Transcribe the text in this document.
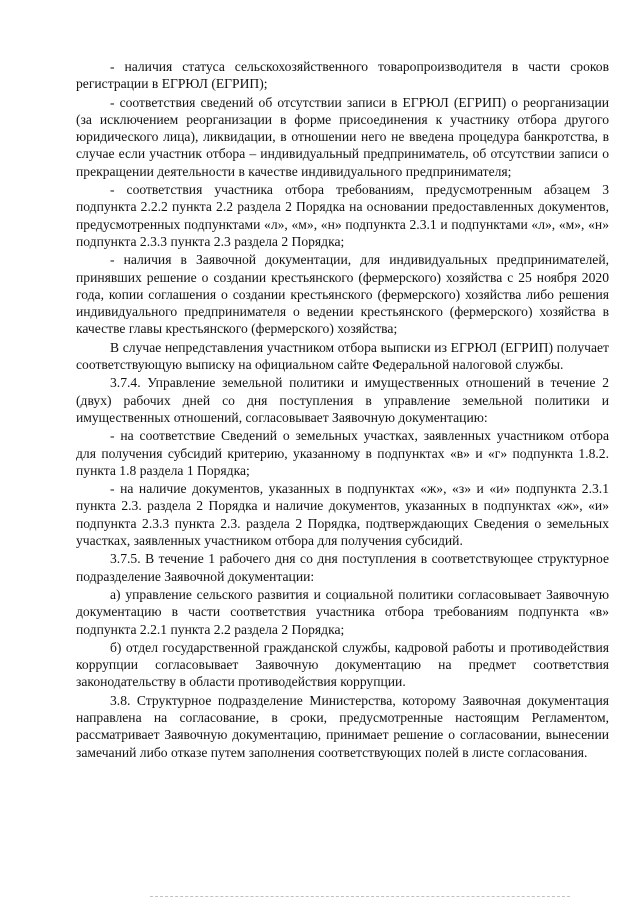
- наличия статуса сельскохозяйственного товаропроизводителя в части сроков регистрации в ЕГРЮЛ (ЕГРИП);

- соответствия сведений об отсутствии записи в ЕГРЮЛ (ЕГРИП) о реорганизации (за исключением реорганизации в форме присоединения к участнику отбора другого юридического лица), ликвидации, в отношении него не введена процедура банкротства, в случае если участник отбора – индивидуальный предприниматель, об отсутствии записи о прекращении деятельности в качестве индивидуального предпринимателя;

- соответствия участника отбора требованиям, предусмотренным абзацем 3 подпункта 2.2.2 пункта 2.2 раздела 2 Порядка на основании предоставленных документов, предусмотренных подпунктами «л», «м», «н» подпункта 2.3.1 и подпунктами «л», «м», «н» подпункта 2.3.3 пункта 2.3 раздела 2 Порядка;

- наличия в Заявочной документации, для индивидуальных предпринимателей, принявших решение о создании крестьянского (фермерского) хозяйства с 25 ноября 2020 года, копии соглашения о создании крестьянского (фермерского) хозяйства либо решения индивидуального предпринимателя о ведении крестьянского (фермерского) хозяйства в качестве главы крестьянского (фермерского) хозяйства;

В случае непредставления участником отбора выписки из ЕГРЮЛ (ЕГРИП) получает соответствующую выписку на официальном сайте Федеральной налоговой службы.

3.7.4. Управление земельной политики и имущественных отношений в течение 2 (двух) рабочих дней со дня поступления в управление земельной политики и имущественных отношений, согласовывает Заявочную документацию:

- на соответствие Сведений о земельных участках, заявленных участником отбора для получения субсидий критерию, указанному в подпунктах «в» и «г» подпункта 1.8.2. пункта 1.8 раздела 1 Порядка;

- на наличие документов, указанных в подпунктах «ж», «з» и «и» подпункта 2.3.1 пункта 2.3. раздела 2 Порядка и наличие документов, указанных в подпунктах «ж», «и» подпункта 2.3.3 пункта 2.3. раздела 2 Порядка, подтверждающих Сведения о земельных участках, заявленных участником отбора для получения субсидий.

3.7.5. В течение 1 рабочего дня со дня поступления в соответствующее структурное подразделение Заявочной документации:

а) управление сельского развития и социальной политики согласовывает Заявочную документацию в части соответствия участника отбора требованиям подпункта «в» подпункта 2.2.1 пункта 2.2 раздела 2 Порядка;

б) отдел государственной гражданской службы, кадровой работы и противодействия коррупции согласовывает Заявочную документацию на предмет соответствия законодательству в области противодействия коррупции.

3.8. Структурное подразделение Министерства, которому Заявочная документация направлена на согласование, в сроки, предусмотренные настоящим Регламентом, рассматривает Заявочную документацию, принимает решение о согласовании, вынесении замечаний либо отказе путем заполнения соответствующих полей в листе согласования.
